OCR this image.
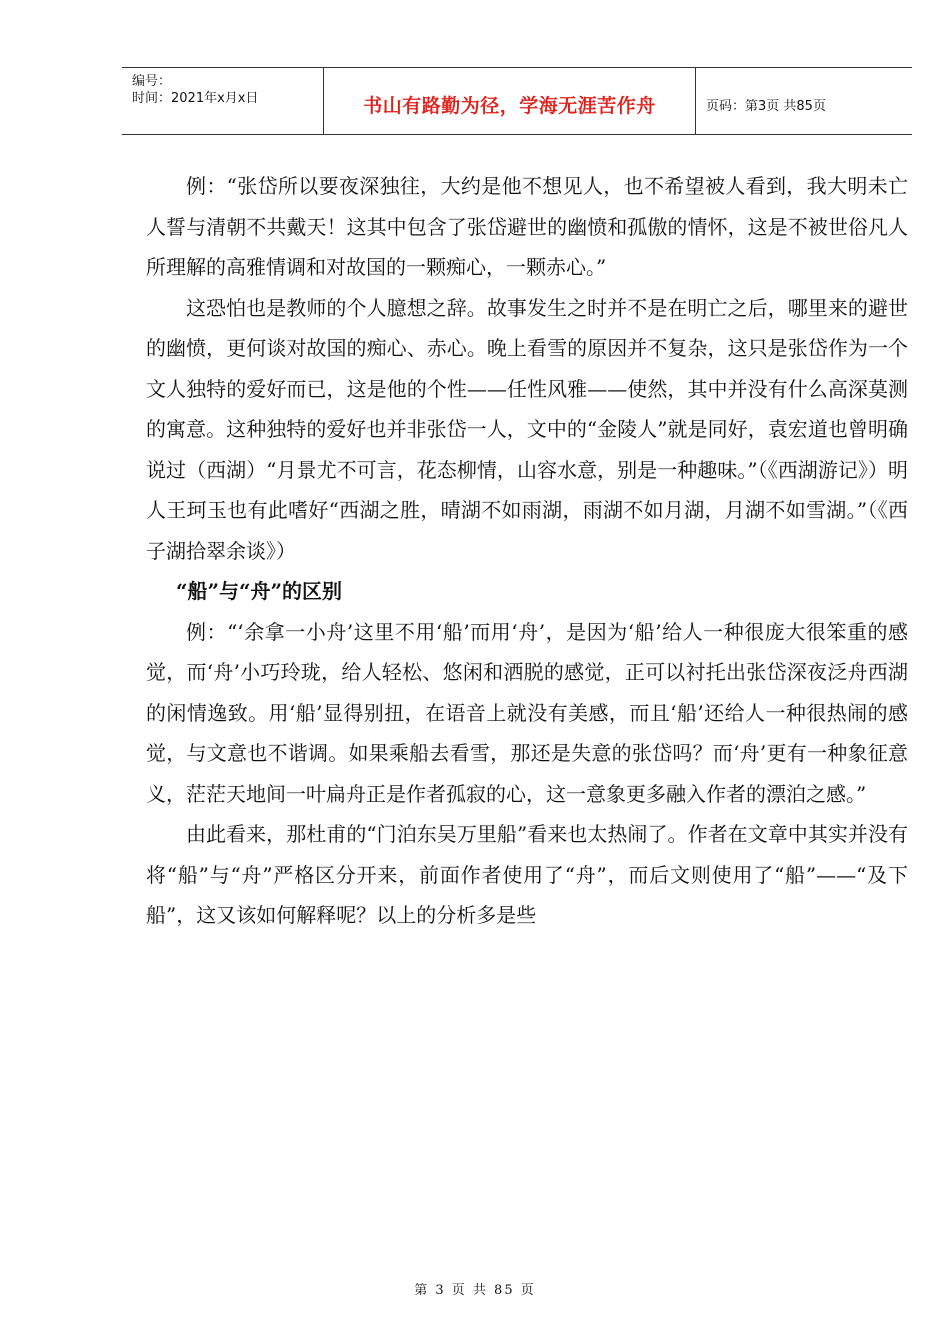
编号：
时间：2021年x月x日	书山有路勤为径，学海无涯苦作舟	页码：第3页 共85页

例：“张岱所以要夜深独往，大约是他不想见人，也不希望被人看到，我大明未亡人誓与清朝不共戴天！这其中包含了张岱避世的幽愤和孤傲的情怀，这是不被世俗凡人所理解的高雅情调和对故国的一颗痴心，一颗赤心。”

这恐怕也是教师的个人臆想之辞。故事发生之时并不是在明亡之后，哪里来的避世的幽愤，更何谈对故国的痴心、赤心。晚上看雪的原因并不复杂，这只是张岱作为一个文人独特的爱好而已，这是他的个性——任性风雅——使然，其中并没有什么高深莫测的寓意。这种独特的爱好也并非张岱一人，文中的“金陵人”就是同好，袁宏道也曾明确说过（西湖）“月景尤不可言，花态柳情，山容水意，别是一种趣味。”（《西湖游记》）明人王珂玉也有此嗜好“西湖之胜，晴湖不如雨湖，雨湖不如月湖，月湖不如雪湖。”（《西子湖拾翠余谈》）

“船”与“舟”的区别

例：“‘余拿一小舟’这里不用‘船’而用‘舟’，是因为‘船’给人一种很庞大很笨重的感觉，而‘舟’小巧玲珑，给人轻松、悠闲和洒脱的感觉，正可以衬托出张岱深夜泛舟西湖的闲情逸致。用‘船’显得别扭，在语音上就没有美感，而且‘船’还给人一种很热闹的感觉，与文意也不谐调。如果乘船去看雪，那还是失意的张岱吗？而‘舟’更有一种象征意义，茫茫天地间一叶扁舟正是作者孤寂的心，这一意象更多融入作者的漂泊之感。”

由此看来，那杜甫的“门泊东吴万里船”看来也太热闹了。作者在文章中其实并没有将“船”与“舟”严格区分开来，前面作者使用了“舟”，而后文则使用了“船”——“及下船”，这又该如何解释呢？以上的分析多是些

第 3 页 共 85 页
